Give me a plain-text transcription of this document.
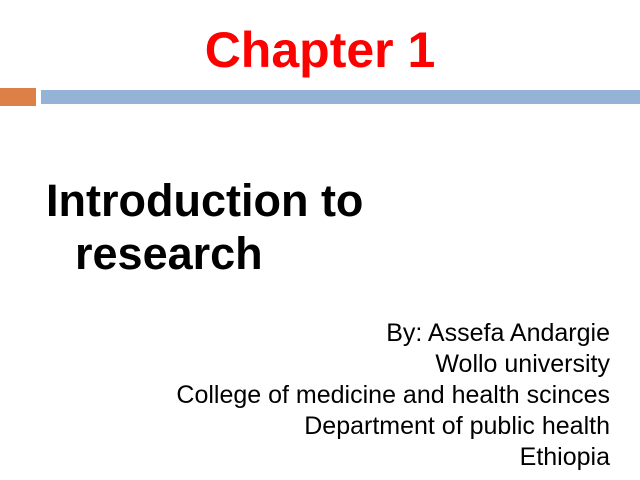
Chapter 1
Introduction to
research
By: Assefa Andargie
Wollo university
College of medicine and health scinces
Department of public health
Ethiopia
